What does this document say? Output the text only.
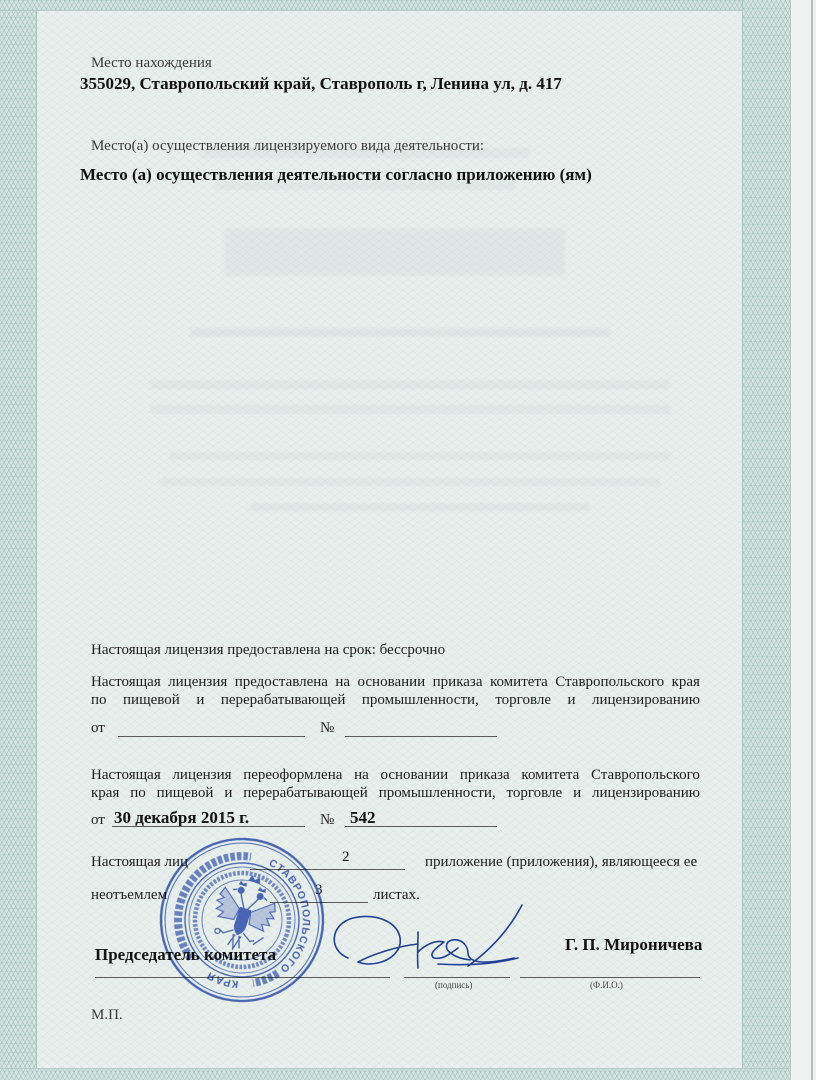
Место нахождения
355029, Ставропольский край, Ставрополь г, Ленина ул, д. 417
Место(а) осуществления лицензируемого вида деятельности:
Место (а) осуществления деятельности согласно приложению (ям)
Настоящая лицензия предоставлена на срок: бессрочно
Настоящая лицензия предоставлена на основании приказа комитета Ставропольского края
по пищевой и перерабатывающей промышленности, торговле и лицензированию
от	№
Настоящая лицензия переоформлена на основании приказа комитета Ставропольского
края по пищевой и перерабатывающей промышленности, торговле и лицензированию
от 30 декабря 2015 г.	№ 542
Настоящая лиц	2	приложение (приложения), являющееся ее
неотъемлем	3	листах.
Председатель комитета
Г. П. Мироничева
(подпись)	(Ф.И.О.)
М.П.
СТАВРОПОЛЬСКОГО
КРАЯ
